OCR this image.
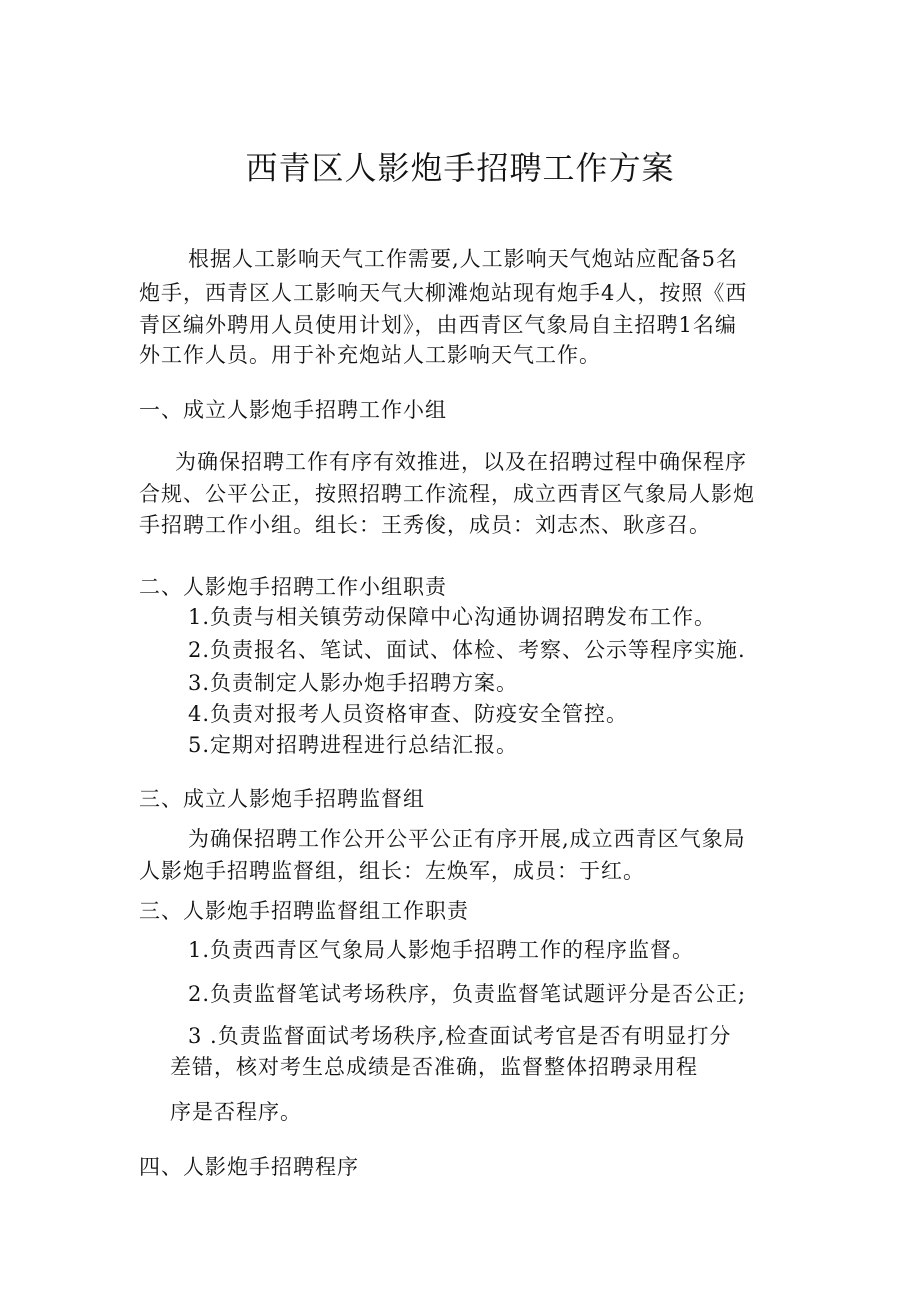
西青区人影炮手招聘工作方案
根据人工影响天气工作需要,人工影响天气炮站应配备5名
炮手，西青区人工影响天气大柳滩炮站现有炮手4人，按照《西
青区编外聘用人员使用计划》，由西青区气象局自主招聘1名编
外工作人员。用于补充炮站人工影响天气工作。
一、成立人影炮手招聘工作小组
为确保招聘工作有序有效推进，以及在招聘过程中确保程序
合规、公平公正，按照招聘工作流程，成立西青区气象局人影炮
手招聘工作小组。组长：王秀俊，成员：刘志杰、耿彦召。
二、人影炮手招聘工作小组职责
1.负责与相关镇劳动保障中心沟通协调招聘发布工作。
2.负责报名、笔试、面试、体检、考察、公示等程序实施.
3.负责制定人影办炮手招聘方案。
4.负责对报考人员资格审查、防疫安全管控。
5.定期对招聘进程进行总结汇报。
三、成立人影炮手招聘监督组
为确保招聘工作公开公平公正有序开展,成立西青区气象局
人影炮手招聘监督组，组长：左焕军，成员：于红。
三、人影炮手招聘监督组工作职责
1.负责西青区气象局人影炮手招聘工作的程序监督。
2.负责监督笔试考场秩序，负责监督笔试题评分是否公正;
3 .负责监督面试考场秩序,检查面试考官是否有明显打分
差错，核对考生总成绩是否准确，监督整体招聘录用程
序是否程序。
四、人影炮手招聘程序
